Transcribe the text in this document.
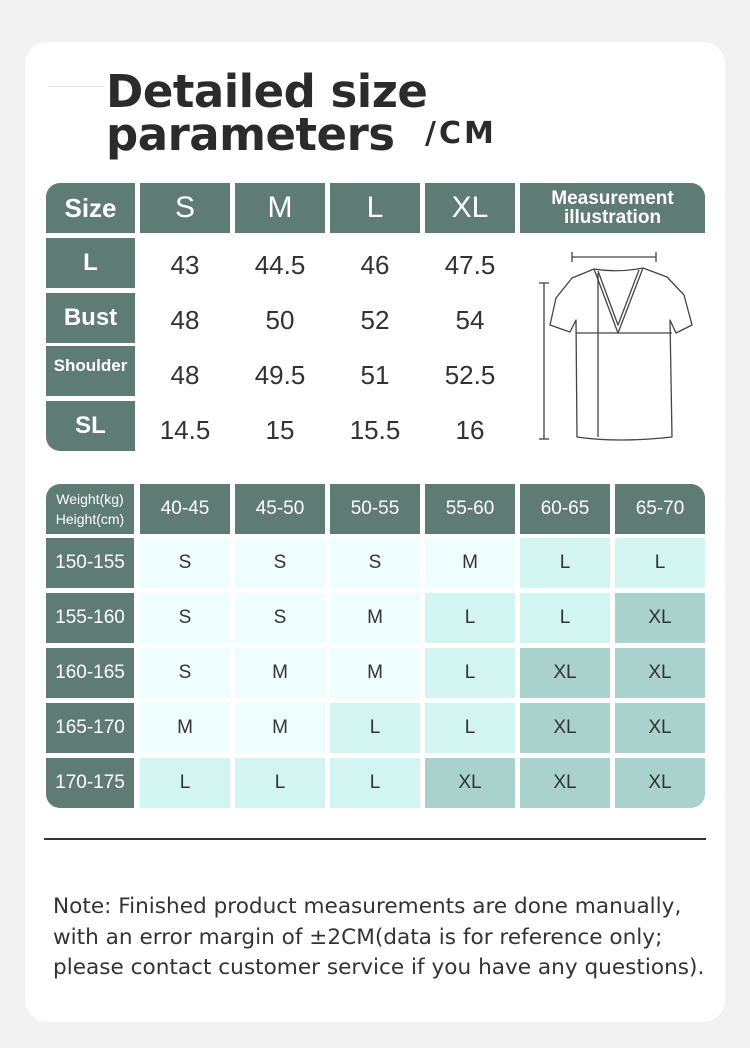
Detailed size
parameters	/CM
Size	S	M	L	XL	Measurement
illustration
L	43	44.5	46	47.5
Bust	48	50	52	54
Shoulder	48	49.5	51	52.5
SL	14.5	15	15.5	16
Weight(kg)
Height(cm)	40-45	45-50	50-55	55-60	60-65	65-70
150-155	S	S	S	M	L	L
155-160	S	S	M	L	L	XL
160-165	S	M	M	L	XL	XL
165-170	M	M	L	L	XL	XL
170-175	L	L	L	XL	XL	XL
Note: Finished product measurements are done manually,
with an error margin of ±2CM(data is for reference only;
please contact customer service if you have any questions).
